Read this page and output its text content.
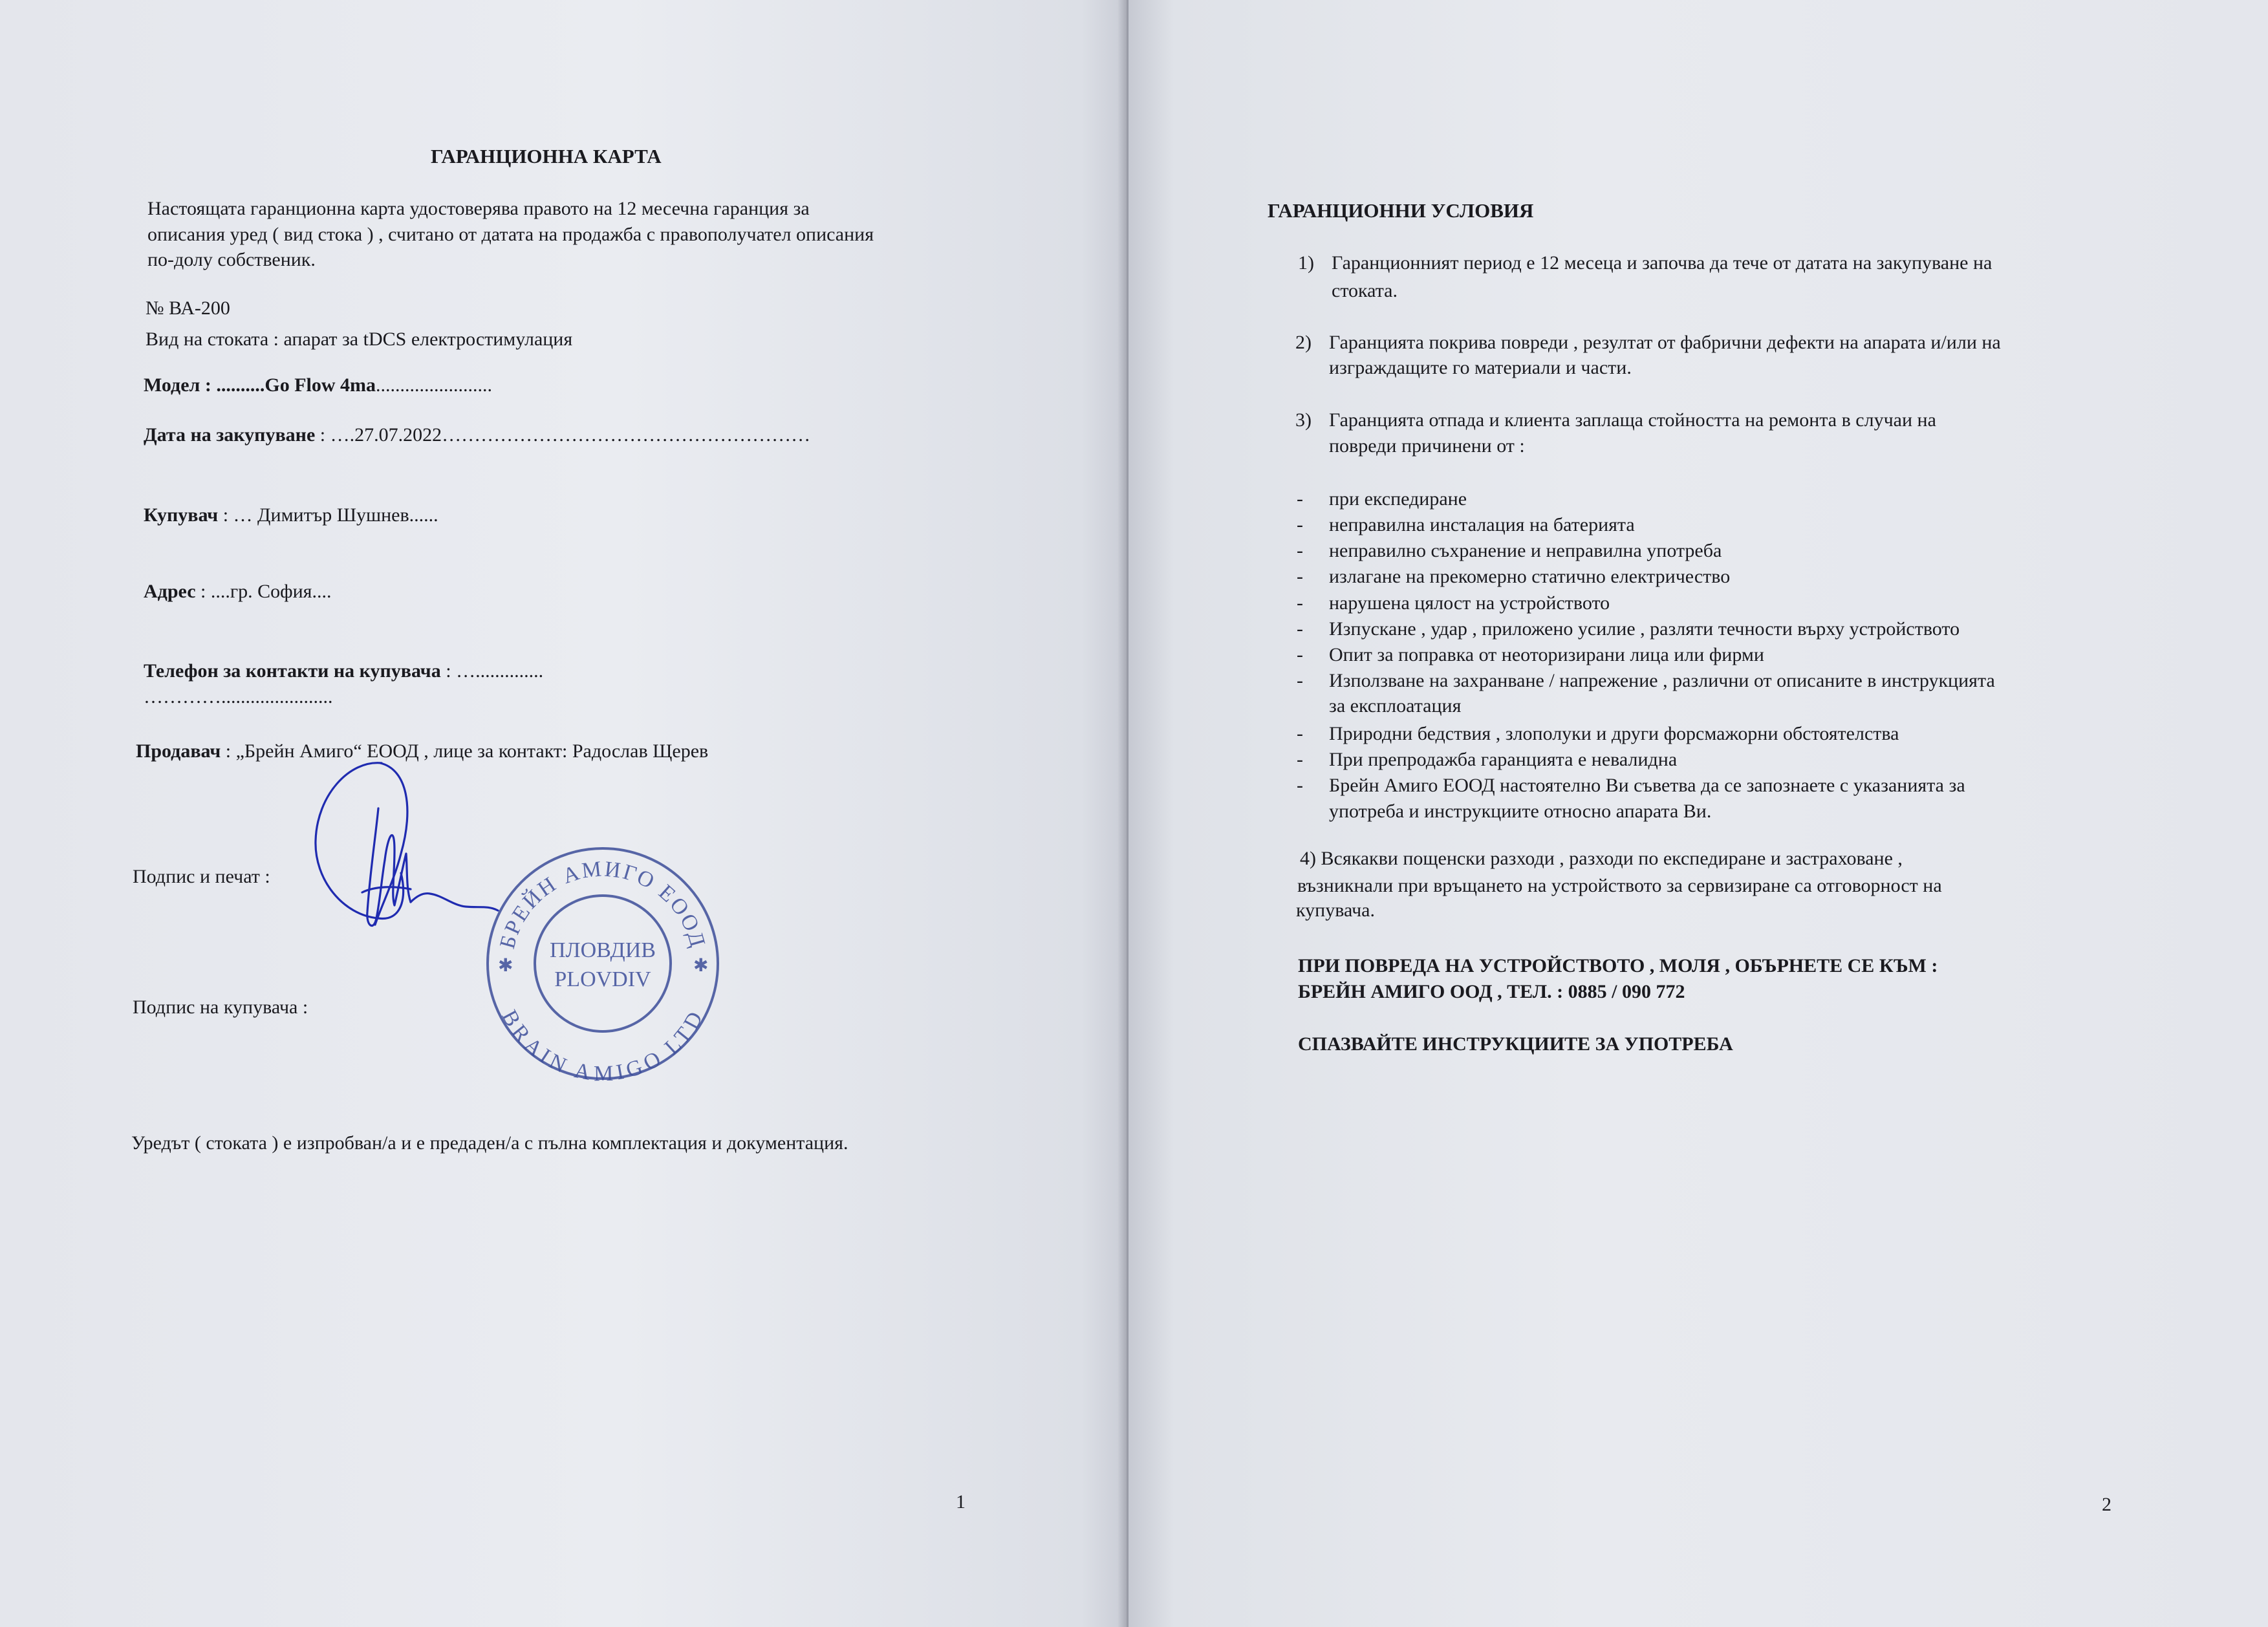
ГАРАНЦИОННА КАРТА
Настоящата гаранционна карта удостоверява правото на 12 месечна гаранция за
описания уред ( вид стока ) , считано от датата на продажба с правополучател описания
по-долу собственик.
№ ВА-200
Вид на стоката : апарат за tDCS електростимулация
Модел : ..........Go Flow 4ma........................
Дата на закупуване : ….27.07.2022…………………………………………………
Купувач : … Димитър Шушнев......
Адрес : ....гр. София....
Телефон за контакти на купувача : …..............
………….......................
Продавач : „Брейн Амиго“ ЕООД , лице за контакт: Радослав Щерев
Подпис и печат :
Подпис на купувача :
БРЕЙН АМИГО ЕООД
BRAIN AMIGO LTD
✱	✱
ПЛОВДИВ
PLOVDIV
Уредът ( стоката ) е изпробван/а и е предаден/а с пълна комплектация и документация.
1
ГАРАНЦИОННИ УСЛОВИЯ
1) Гаранционният период е 12 месеца и започва да тече от датата на закупуване на
стоката.
2) Гаранцията покрива повреди , резултат от фабрични дефекти на апарата и/или на
изграждащите го материали и части.
3) Гаранцията отпада и клиента заплаща стойността на ремонта в случаи на
повреди причинени от :
- при експедиране
- неправилна инсталация на батерията
- неправилно съхранение и неправилна употреба
- излагане на прекомерно статично електричество
- нарушена цялост на устройството
- Изпускане , удар , приложено усилие , разляти течности върху устройството
- Опит за поправка от неоторизирани лица или фирми
- Използване на захранване / напрежение , различни от описаните в инструкцията
за експлоатация
- Природни бедствия , злополуки и други форсмажорни обстоятелства
- При препродажба гаранцията е невалидна
- Брейн Амиго ЕООД настоятелно Ви съветва да се запознаете с указанията за
употреба и инструкциите относно апарата Ви.
4) Всякакви пощенски разходи , разходи по експедиране и застраховане ,
възникнали при връщането на устройството за сервизиране са отговорност на
купувача.
ПРИ ПОВРЕДА НА УСТРОЙСТВОТО , МОЛЯ , ОБЪРНЕТЕ СЕ КЪМ :
БРЕЙН АМИГО ООД , ТЕЛ. : 0885 / 090 772
СПАЗВАЙТЕ ИНСТРУКЦИИТЕ ЗА УПОТРЕБА
2
